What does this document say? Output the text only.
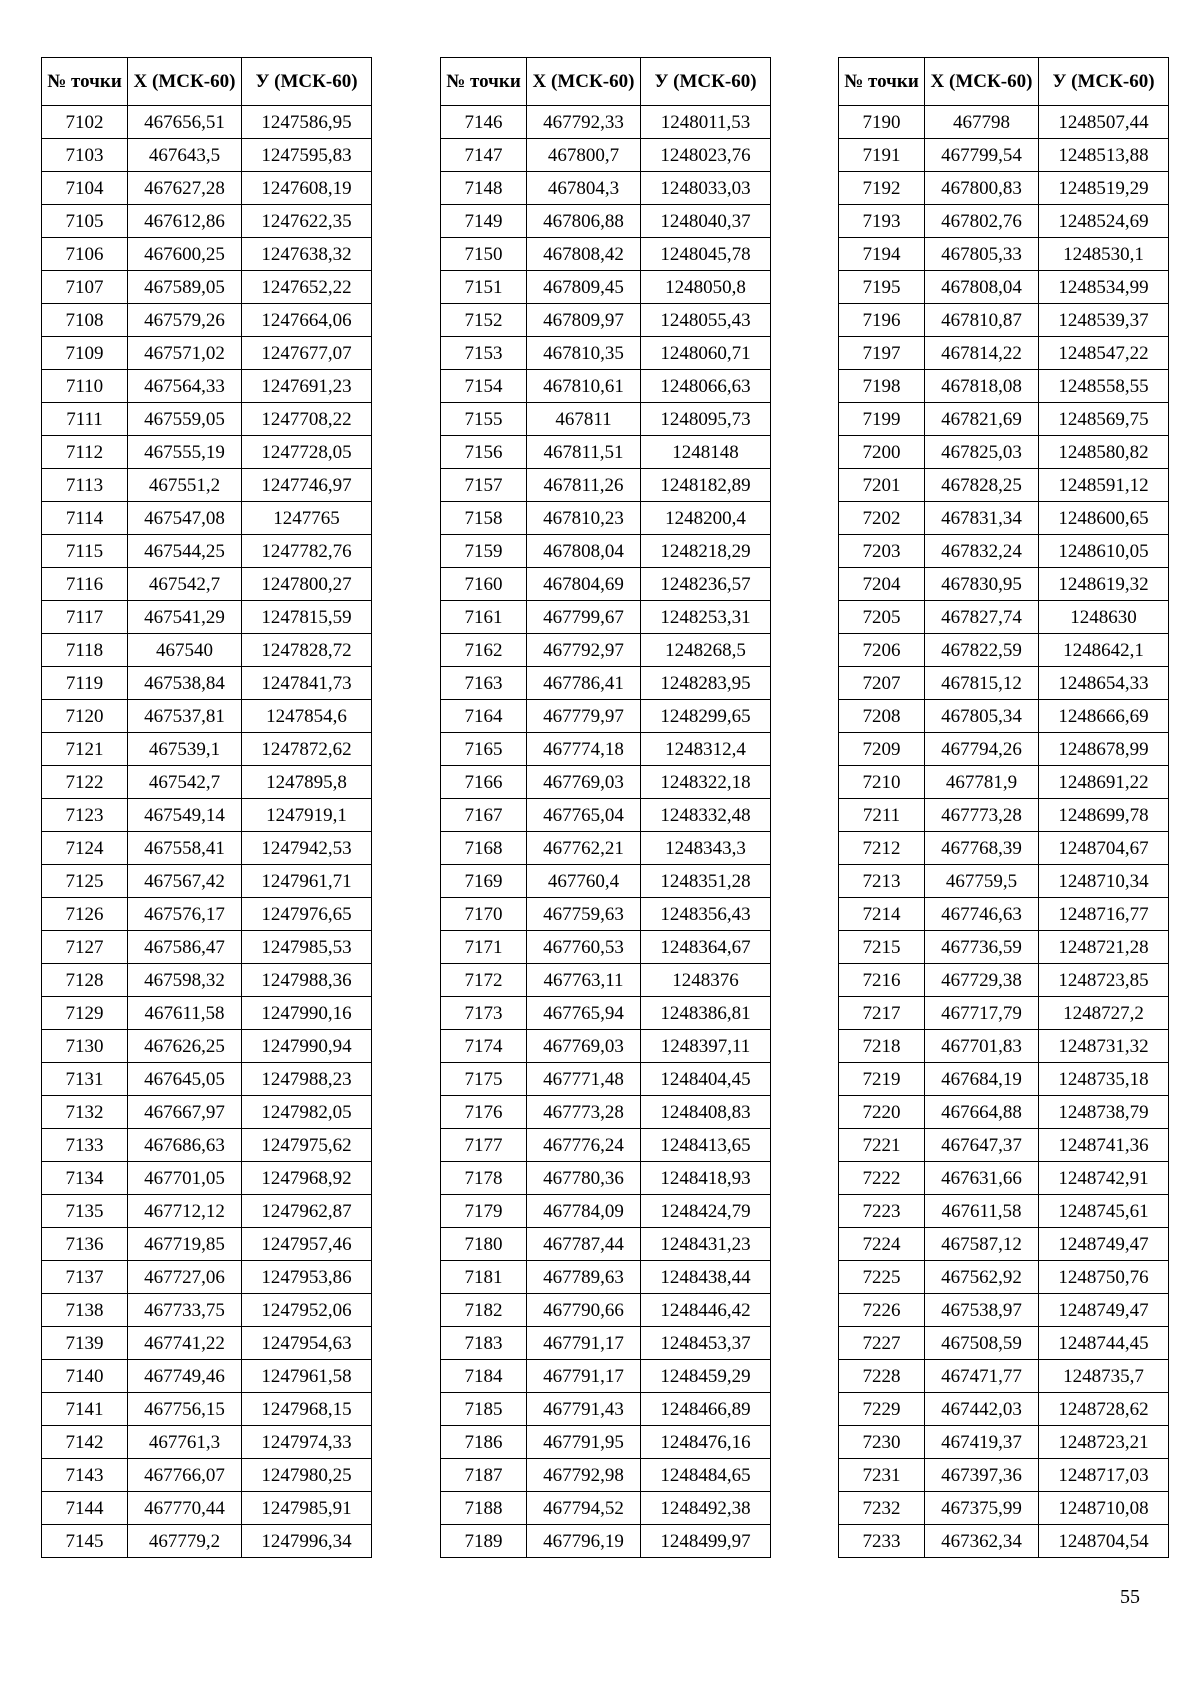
№ точки	Х (МСК-60)	У (МСК-60)
7102	467656,51	1247586,95
7103	467643,5	1247595,83
7104	467627,28	1247608,19
7105	467612,86	1247622,35
7106	467600,25	1247638,32
7107	467589,05	1247652,22
7108	467579,26	1247664,06
7109	467571,02	1247677,07
7110	467564,33	1247691,23
7111	467559,05	1247708,22
7112	467555,19	1247728,05
7113	467551,2	1247746,97
7114	467547,08	1247765
7115	467544,25	1247782,76
7116	467542,7	1247800,27
7117	467541,29	1247815,59
7118	467540	1247828,72
7119	467538,84	1247841,73
7120	467537,81	1247854,6
7121	467539,1	1247872,62
7122	467542,7	1247895,8
7123	467549,14	1247919,1
7124	467558,41	1247942,53
7125	467567,42	1247961,71
7126	467576,17	1247976,65
7127	467586,47	1247985,53
7128	467598,32	1247988,36
7129	467611,58	1247990,16
7130	467626,25	1247990,94
7131	467645,05	1247988,23
7132	467667,97	1247982,05
7133	467686,63	1247975,62
7134	467701,05	1247968,92
7135	467712,12	1247962,87
7136	467719,85	1247957,46
7137	467727,06	1247953,86
7138	467733,75	1247952,06
7139	467741,22	1247954,63
7140	467749,46	1247961,58
7141	467756,15	1247968,15
7142	467761,3	1247974,33
7143	467766,07	1247980,25
7144	467770,44	1247985,91
7145	467779,2	1247996,34
№ точки	Х (МСК-60)	У (МСК-60)
7146	467792,33	1248011,53
7147	467800,7	1248023,76
7148	467804,3	1248033,03
7149	467806,88	1248040,37
7150	467808,42	1248045,78
7151	467809,45	1248050,8
7152	467809,97	1248055,43
7153	467810,35	1248060,71
7154	467810,61	1248066,63
7155	467811	1248095,73
7156	467811,51	1248148
7157	467811,26	1248182,89
7158	467810,23	1248200,4
7159	467808,04	1248218,29
7160	467804,69	1248236,57
7161	467799,67	1248253,31
7162	467792,97	1248268,5
7163	467786,41	1248283,95
7164	467779,97	1248299,65
7165	467774,18	1248312,4
7166	467769,03	1248322,18
7167	467765,04	1248332,48
7168	467762,21	1248343,3
7169	467760,4	1248351,28
7170	467759,63	1248356,43
7171	467760,53	1248364,67
7172	467763,11	1248376
7173	467765,94	1248386,81
7174	467769,03	1248397,11
7175	467771,48	1248404,45
7176	467773,28	1248408,83
7177	467776,24	1248413,65
7178	467780,36	1248418,93
7179	467784,09	1248424,79
7180	467787,44	1248431,23
7181	467789,63	1248438,44
7182	467790,66	1248446,42
7183	467791,17	1248453,37
7184	467791,17	1248459,29
7185	467791,43	1248466,89
7186	467791,95	1248476,16
7187	467792,98	1248484,65
7188	467794,52	1248492,38
7189	467796,19	1248499,97
№ точки	Х (МСК-60)	У (МСК-60)
7190	467798	1248507,44
7191	467799,54	1248513,88
7192	467800,83	1248519,29
7193	467802,76	1248524,69
7194	467805,33	1248530,1
7195	467808,04	1248534,99
7196	467810,87	1248539,37
7197	467814,22	1248547,22
7198	467818,08	1248558,55
7199	467821,69	1248569,75
7200	467825,03	1248580,82
7201	467828,25	1248591,12
7202	467831,34	1248600,65
7203	467832,24	1248610,05
7204	467830,95	1248619,32
7205	467827,74	1248630
7206	467822,59	1248642,1
7207	467815,12	1248654,33
7208	467805,34	1248666,69
7209	467794,26	1248678,99
7210	467781,9	1248691,22
7211	467773,28	1248699,78
7212	467768,39	1248704,67
7213	467759,5	1248710,34
7214	467746,63	1248716,77
7215	467736,59	1248721,28
7216	467729,38	1248723,85
7217	467717,79	1248727,2
7218	467701,83	1248731,32
7219	467684,19	1248735,18
7220	467664,88	1248738,79
7221	467647,37	1248741,36
7222	467631,66	1248742,91
7223	467611,58	1248745,61
7224	467587,12	1248749,47
7225	467562,92	1248750,76
7226	467538,97	1248749,47
7227	467508,59	1248744,45
7228	467471,77	1248735,7
7229	467442,03	1248728,62
7230	467419,37	1248723,21
7231	467397,36	1248717,03
7232	467375,99	1248710,08
7233	467362,34	1248704,54
55
